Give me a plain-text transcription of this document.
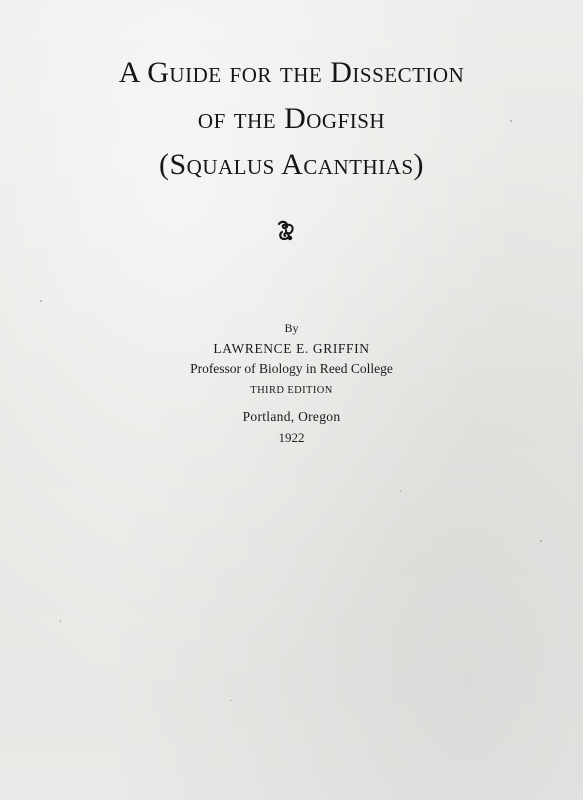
A Guide for the Dissection
of the Dogfish
(Squalus Acanthias)
By
LAWRENCE E. GRIFFIN
Professor of Biology in Reed College
THIRD EDITION
Portland, Oregon
1922
